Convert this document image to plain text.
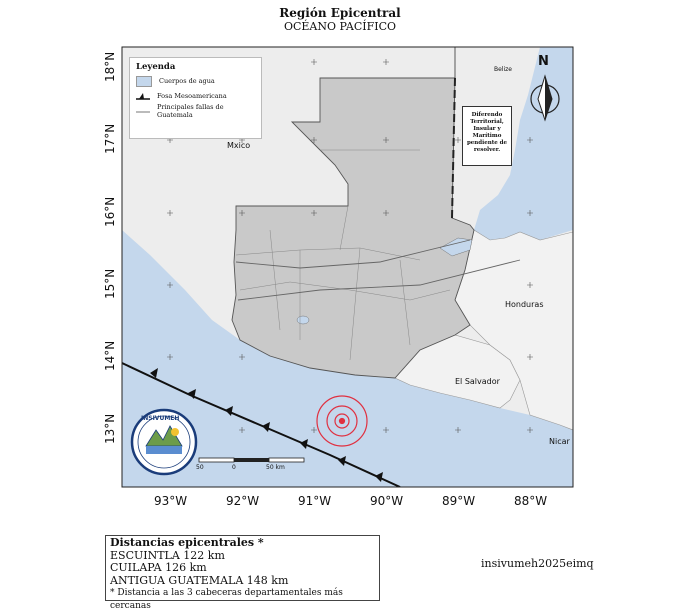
Región Epicentral
OCÉANO PACÍFICO
18°N
17°N
16°N
15°N
14°N
13°N
93°W	92°W	91°W	90°W	89°W	88°W
Mxico
Belize
Honduras
El Salvador
Nicar
N
Diferendo Territorial, Insular y Marítimo pendiente de resolver.
50	0	50 km
INSIVUMEH
Leyenda
Cuerpos de agua
Fosa Mesoamericana
Principales fallas de Guatemala
Distancias epicentrales *
ESCUINTLA 122 km
CUILAPA 126 km
ANTIGUA GUATEMALA 148 km
* Distancia a las 3 cabeceras departamentales más cercanas
insivumeh2025eimq
